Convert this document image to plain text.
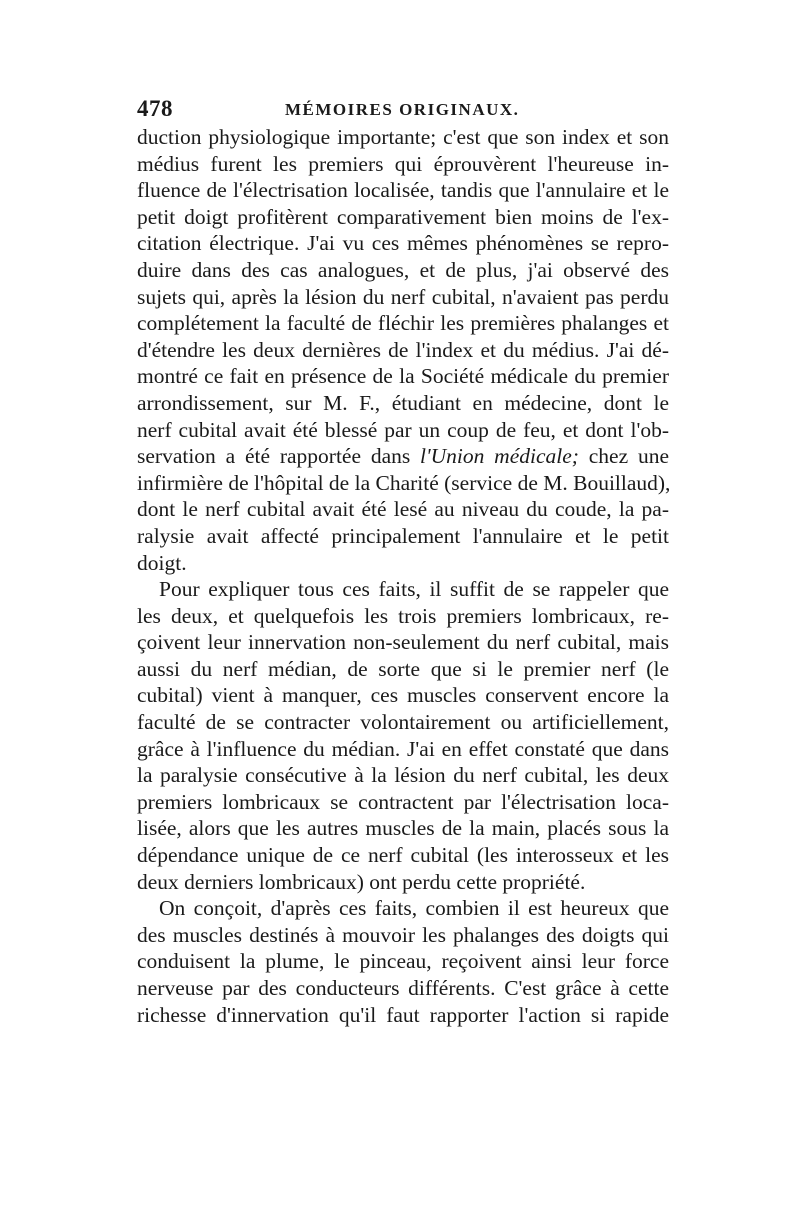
478	MÉMOIRES ORIGINAUX.
duction physiologique importante; c'est que son index et son
médius furent les premiers qui éprouvèrent l'heureuse in-
fluence de l'électrisation localisée, tandis que l'annulaire et le
petit doigt profitèrent comparativement bien moins de l'ex-
citation électrique. J'ai vu ces mêmes phénomènes se repro-
duire dans des cas analogues, et de plus, j'ai observé des
sujets qui, après la lésion du nerf cubital, n'avaient pas perdu
complétement la faculté de fléchir les premières phalanges et
d'étendre les deux dernières de l'index et du médius. J'ai dé-
montré ce fait en présence de la Société médicale du premier
arrondissement, sur M. F., étudiant en médecine, dont le
nerf cubital avait été blessé par un coup de feu, et dont l'ob-
servation a été rapportée dans l'Union médicale; chez une
infirmière de l'hôpital de la Charité (service de M. Bouillaud),
dont le nerf cubital avait été lesé au niveau du coude, la pa-
ralysie avait affecté principalement l'annulaire et le petit
doigt.
Pour expliquer tous ces faits, il suffit de se rappeler que
les deux, et quelquefois les trois premiers lombricaux, re-
çoivent leur innervation non-seulement du nerf cubital, mais
aussi du nerf médian, de sorte que si le premier nerf (le
cubital) vient à manquer, ces muscles conservent encore la
faculté de se contracter volontairement ou artificiellement,
grâce à l'influence du médian. J'ai en effet constaté que dans
la paralysie consécutive à la lésion du nerf cubital, les deux
premiers lombricaux se contractent par l'électrisation loca-
lisée, alors que les autres muscles de la main, placés sous la
dépendance unique de ce nerf cubital (les interosseux et les
deux derniers lombricaux) ont perdu cette propriété.
On conçoit, d'après ces faits, combien il est heureux que
des muscles destinés à mouvoir les phalanges des doigts qui
conduisent la plume, le pinceau, reçoivent ainsi leur force
nerveuse par des conducteurs différents. C'est grâce à cette
richesse d'innervation qu'il faut rapporter l'action si rapide
